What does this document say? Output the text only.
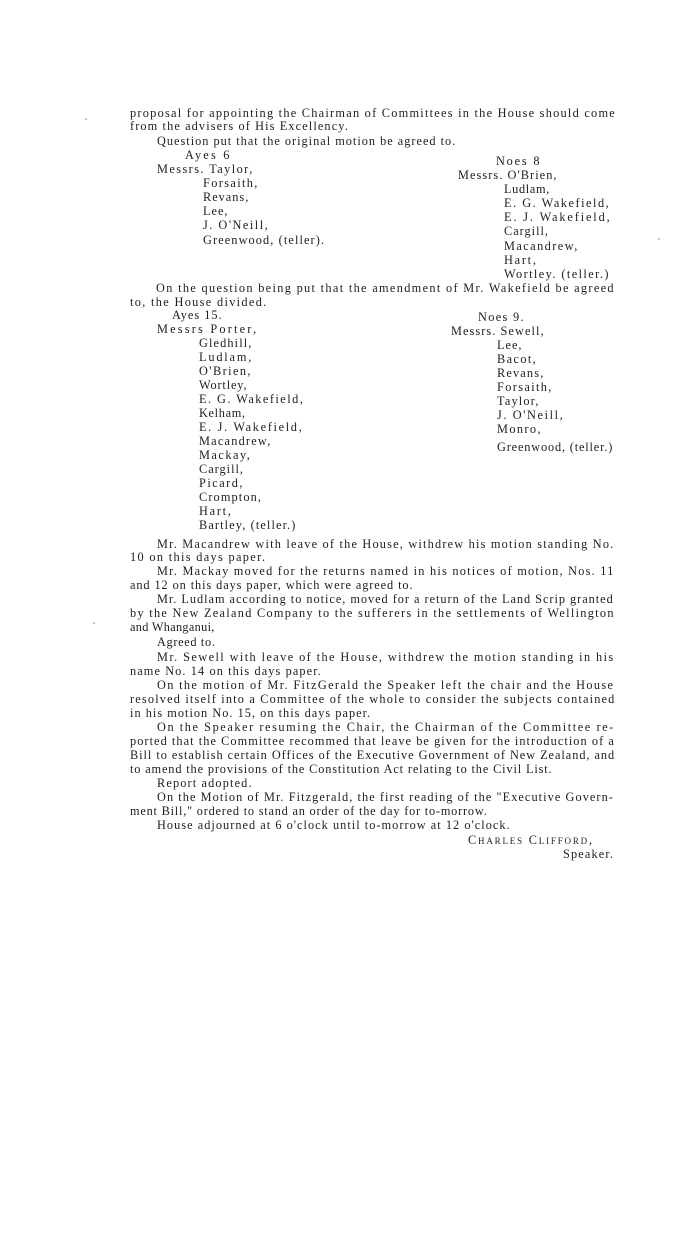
proposal for appointing the Chairman of Committees in the House should come
from the advisers of His Excellency.
Question put that the original motion be agreed to.
Ayes 6	Noes 8
Messrs. Taylor,
Forsaith,
Revans,
Lee,
J. O'Neill,
Greenwood, (teller).
Messrs. O'Brien,
Ludlam,
E. G. Wakefield,
E. J. Wakefield,
Cargill,
Macandrew,
Hart,
Wortley. (teller.)
On the question being put that the amendment of Mr. Wakefield be agreed
to, the House divided.
Ayes 15.	Noes 9.
Messrs Porter,
Gledhill,
Ludlam,
O'Brien,
Wortley,
E. G. Wakefield,
Kelham,
E. J. Wakefield,
Macandrew,
Mackay,
Cargill,
Picard,
Crompton,
Hart,
Bartley, (teller.)
Messrs. Sewell,
Lee,
Bacot,
Revans,
Forsaith,
Taylor,
J. O'Neill,
Monro,
Greenwood, (teller.)
Mr. Macandrew with leave of the House, withdrew his motion standing No.
10 on this days paper.
Mr. Mackay moved for the returns named in his notices of motion, Nos. 11
and 12 on this days paper, which were agreed to.
Mr. Ludlam according to notice, moved for a return of the Land Scrip granted
by the New Zealand Company to the sufferers in the settlements of Wellington
and Whanganui,
Agreed to.
Mr. Sewell with leave of the House, withdrew the motion standing in his
name No. 14 on this days paper.
On the motion of Mr. FitzGerald the Speaker left the chair and the House
resolved itself into a Committee of the whole to consider the subjects contained
in his motion No. 15, on this days paper.
On the Speaker resuming the Chair, the Chairman of the Committee re-
ported that the Committee recommed that leave be given for the introduction of a
Bill to establish certain Offices of the Executive Government of New Zealand, and
to amend the provisions of the Constitution Act relating to the Civil List.
Report adopted.
On the Motion of Mr. Fitzgerald, the first reading of the "Executive Govern-
ment Bill," ordered to stand an order of the day for to-morrow.
House adjourned at 6 o'clock until to-morrow at 12 o'clock.
Charles Clifford,
Speaker.
